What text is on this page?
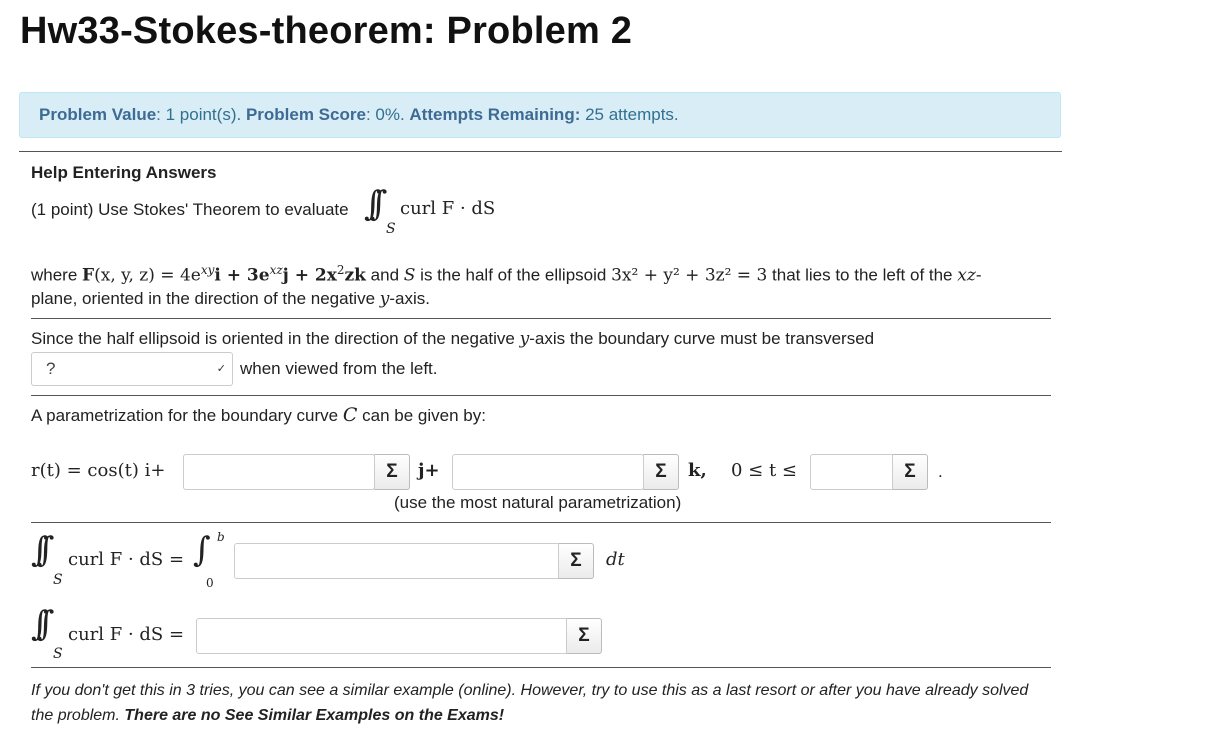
Hw33-Stokes-theorem: Problem 2
Problem Value: 1 point(s). Problem Score: 0%. Attempts Remaining: 25 attempts.
Help Entering Answers
(1 point) Use Stokes' Theorem to evaluate ∫∫
S
curl F · dS
where F(x, y, $z) = 4e^{xy}i + 3e^{xz}j + 2x^2zk$ and S is the half of the ellipsoid 3x² + y² + 3z² = 3 that lies to the left of the xz-
plane, oriented in the direction of the negative y-axis.
Since the half ellipsoid is oriented in the direction of the negative y-axis the boundary curve must be transversed
?	✓ when viewed from the left.
A parametrization for the boundary curve C can be given by:
r(t) = cos(t) i+	Σ	j+	Σ	k, 0 ≤ t ≤	Σ	.
(use the most natural parametrization)
∫∫
S
curl F · dS = ∫ b
0
Σ	dt
∫∫
S
curl F · dS =	Σ
If you don't get this in 3 tries, you can see a similar example (online). However, try to use this as a last resort or after you have already solved the problem. There are no See Similar Examples on the Exams!
